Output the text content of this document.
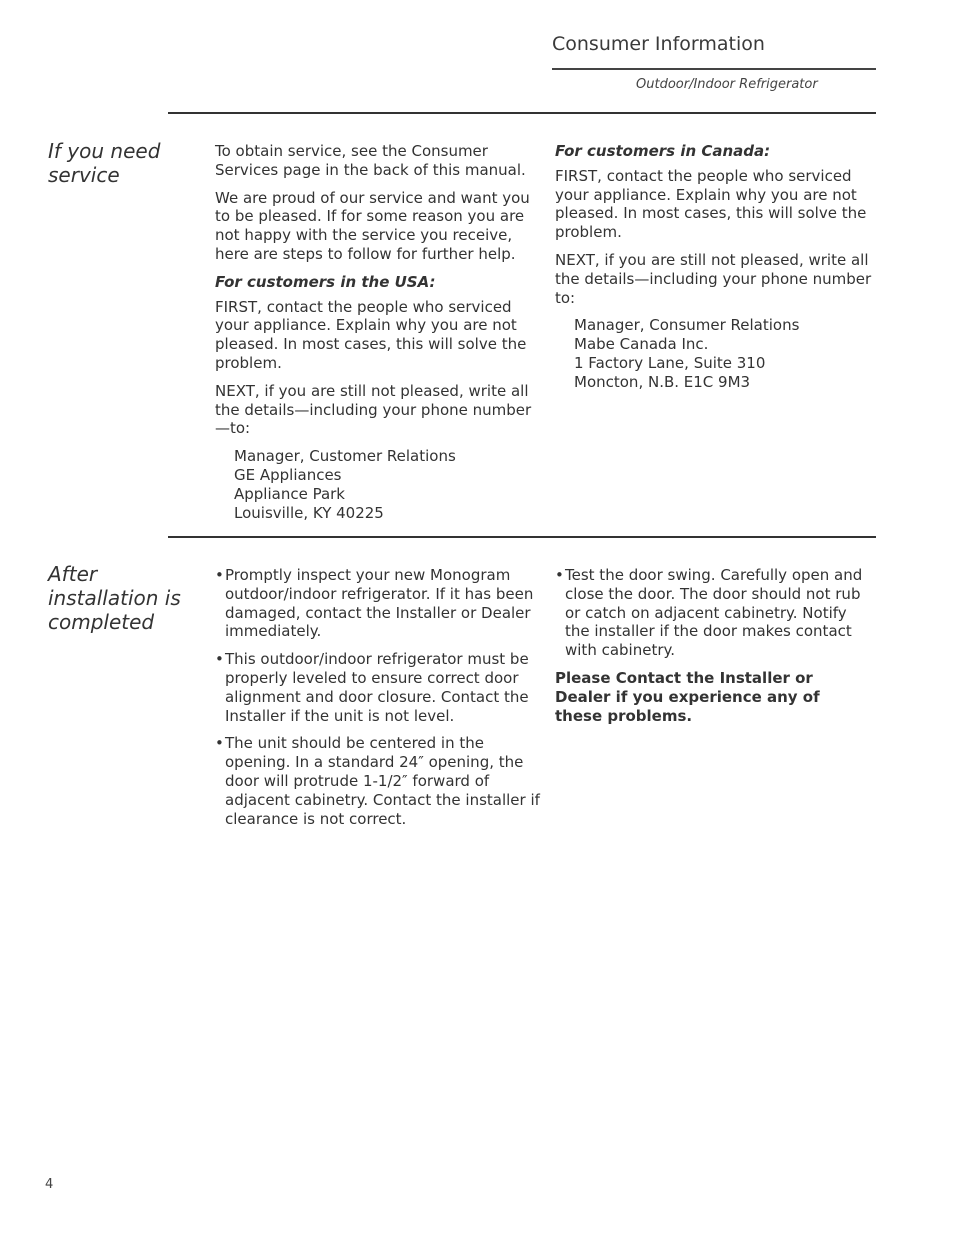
Consumer Information
Outdoor/Indoor Refrigerator
If you need service

To obtain service, see the Consumer Services page in the back of this manual.

We are proud of our service and want you to be pleased. If for some reason you are not happy with the service you receive, here are steps to follow for further help.

For customers in the USA:

FIRST, contact the people who serviced your appliance. Explain why you are not pleased. In most cases, this will solve the problem.

NEXT, if you are still not pleased, write all the details—including your phone number—to:

Manager, Customer Relations
GE Appliances
Appliance Park
Louisville, KY 40225

For customers in Canada:

FIRST, contact the people who serviced your appliance. Explain why you are not pleased. In most cases, this will solve the problem.

NEXT, if you are still not pleased, write all the details—including your phone number to:

Manager, Consumer Relations
Mabe Canada Inc.
1 Factory Lane, Suite 310
Moncton, N.B. E1C 9M3
After installation is completed
• Promptly inspect your new Monogram outdoor/indoor refrigerator. If it has been damaged, contact the Installer or Dealer immediately.
• This outdoor/indoor refrigerator must be properly leveled to ensure correct door alignment and door closure. Contact the Installer if the unit is not level.
• The unit should be centered in the opening. In a standard 24″ opening, the door will protrude 1-1/2″ forward of adjacent cabinetry. Contact the installer if clearance is not correct.
• Test the door swing. Carefully open and close the door. The door should not rub or catch on adjacent cabinetry. Notify the installer if the door makes contact with cabinetry.

Please Contact the Installer or Dealer if you experience any of these problems.

4
